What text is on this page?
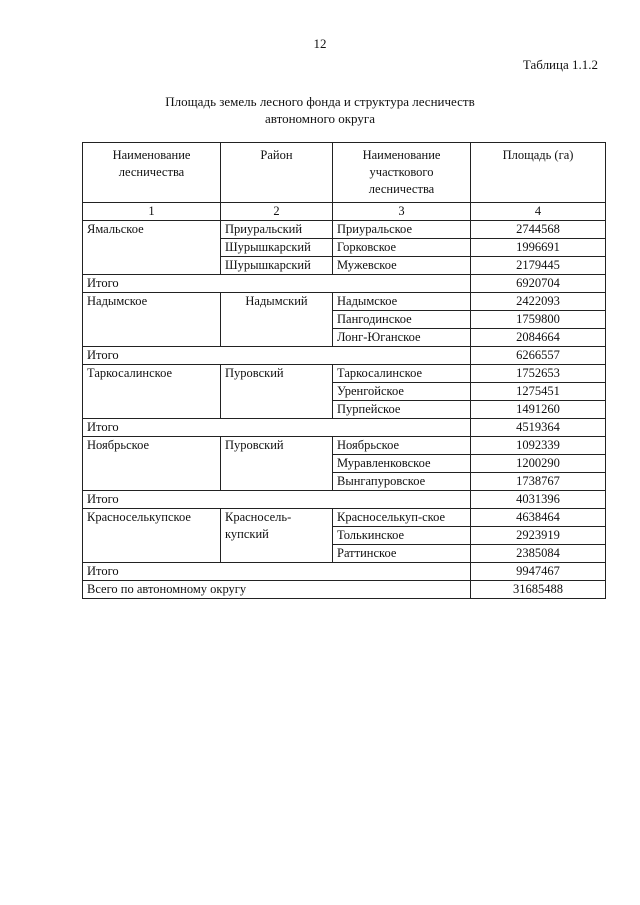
12
Таблица 1.1.2
Площадь земель лесного фонда и структура лесничеств
автономного округа
Наименование лесничества	Район	Наименование участкового лесничества	Площадь (га)
1	2	3	4
Ямальское	Приуральский	Приуральское	2744568
	Шурышкарский	Горковское	1996691
	Шурышкарский	Мужевское	2179445
Итого			6920704
Надымское	Надымский	Надымское	2422093
		Пангодинское	1759800
		Лонг-Юганское	2084664
Итого			6266557
Таркосалинское	Пуровский	Таркосалинское	1752653
		Уренгойское	1275451
		Пурпейское	1491260
Итого			4519364
Ноябрьское	Пуровский	Ноябрьское	1092339
		Муравленковское	1200290
		Вынгапуровское	1738767
Итого			4031396
Красноселькупское	Красносель-купский	Красноселькуп-ское	4638464
		Толькинское	2923919
		Раттинское	2385084
Итого			9947467
Всего по автономному округу			31685488
